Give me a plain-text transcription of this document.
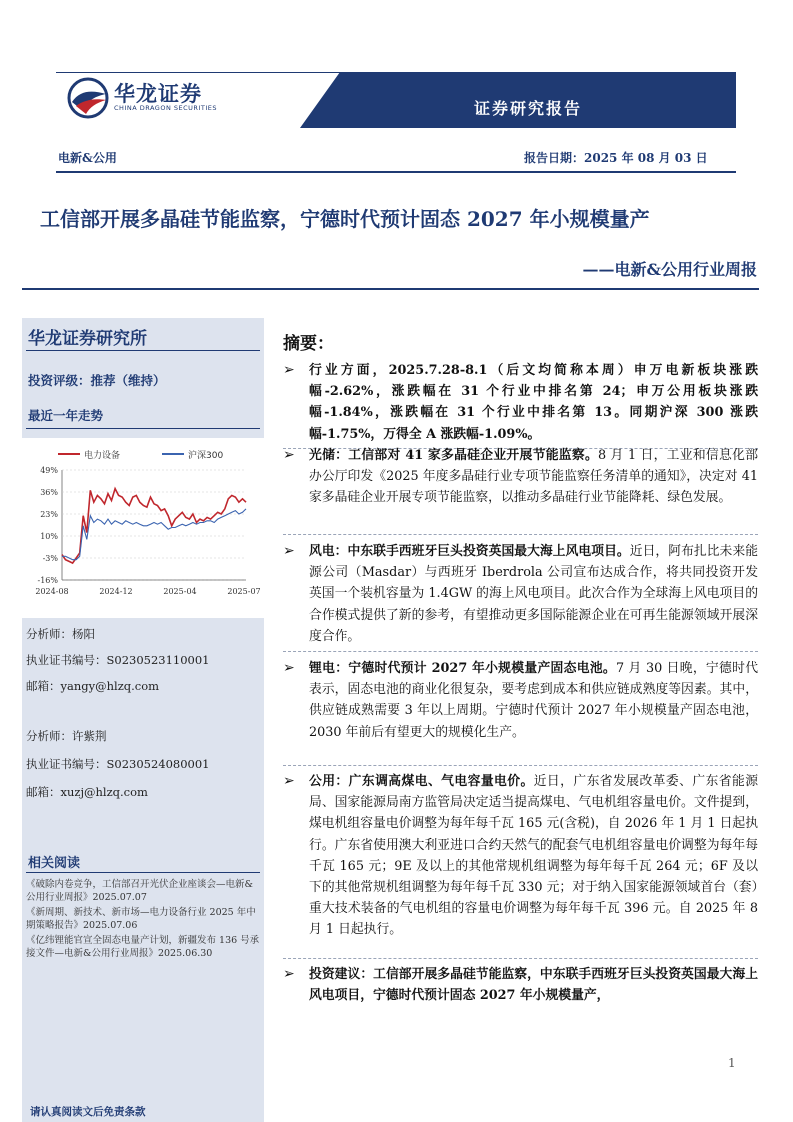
华龙证券
CHINA DRAGON SECURITIES	证券研究报告
电新&公用	报告日期：2025 年 08 月 03 日
工信部开展多晶硅节能监察，宁德时代预计固态 2027 年小规模量产
——电新&公用行业周报
华龙证券研究所
投资评级：推荐（维持）
最近一年走势
电力设备	沪深300
49%
36%
23%
10%
-3%
-16%
2024-08	2024-12	2025-04	2025-07
分析师：杨阳
执业证书编号：S0230523110001
邮箱：yangy@hlzq.com
分析师：许紫荆
执业证书编号：S0230524080001
邮箱：xuzj@hlzq.com
相关阅读
《破除内卷竞争，工信部召开光伏企业座谈会—电新&公用行业周报》2025.07.07
《新周期、新技术、新市场—电力设备行业 2025 年中期策略报告》2025.07.06
《亿纬锂能官宣全固态电量产计划，新疆发布 136 号承接文件—电新&公用行业周报》2025.06.30
摘要：
➢	行业方面，2025.7.28-8.1（后文均简称本周）申万电新板块涨跌幅-2.62%，涨跌幅在 31 个行业中排名第 24；申万公用板块涨跌幅-1.84%，涨跌幅在 31 个行业中排名第 13。同期沪深 300 涨跌幅-1.75%，万得全 A 涨跌幅-1.09%。
➢	光储：工信部对 41 家多晶硅企业开展节能监察。8 月 1 日，工业和信息化部办公厅印发《2025 年度多晶硅行业专项节能监察任务清单的通知》，决定对 41 家多晶硅企业开展专项节能监察，以推动多晶硅行业节能降耗、绿色发展。
➢	风电：中东联手西班牙巨头投资英国最大海上风电项目。近日，阿布扎比未来能源公司（Masdar）与西班牙 Iberdrola 公司宣布达成合作，将共同投资开发英国一个装机容量为 1.4GW 的海上风电项目。此次合作为全球海上风电项目的合作模式提供了新的参考，有望推动更多国际能源企业在可再生能源领域开展深度合作。
➢	锂电：宁德时代预计 2027 年小规模量产固态电池。7 月 30 日晚，宁德时代表示，固态电池的商业化很复杂，要考虑到成本和供应链成熟度等因素。其中，供应链成熟需要 3 年以上周期。宁德时代预计 2027 年小规模量产固态电池，2030 年前后有望更大的规模化生产。
➢	公用：广东调高煤电、气电容量电价。近日，广东省发展改革委、广东省能源局、国家能源局南方监管局决定适当提高煤电、气电机组容量电价。文件提到，煤电机组容量电价调整为每年每千瓦 165 元(含税)，自 2026 年 1 月 1 日起执行。广东省使用澳大利亚进口合约天然气的配套气电机组容量电价调整为每年每千瓦 165 元；9E 及以上的其他常规机组调整为每年每千瓦 264 元；6F 及以下的其他常规机组调整为每年每千瓦 330 元；对于纳入国家能源领域首台（套）重大技术装备的气电机组的容量电价调整为每年每千瓦 396 元。自 2025 年 8 月 1 日起执行。
➢	投资建议：工信部开展多晶硅节能监察，中东联手西班牙巨头投资英国最大海上风电项目，宁德时代预计固态 2027 年小规模量产，
1
请认真阅读文后免责条款
